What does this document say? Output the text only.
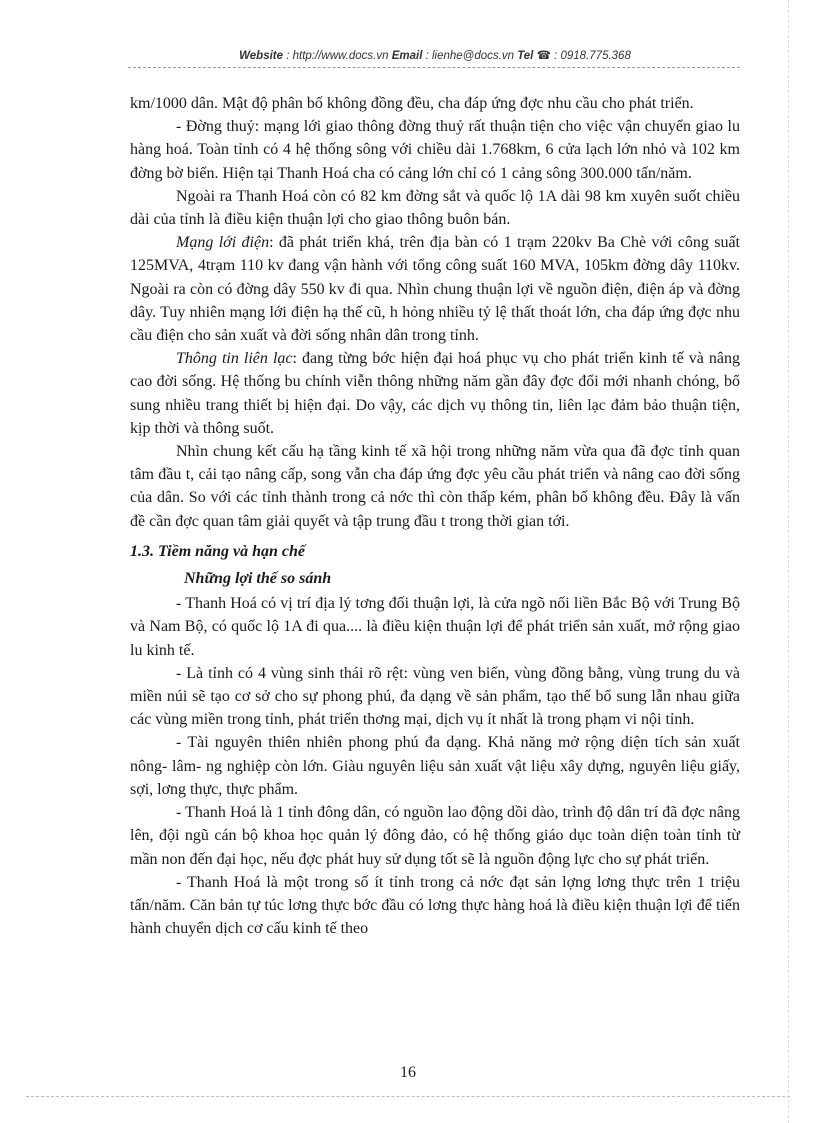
Website : http://www.docs.vn Email : lienhe@docs.vn Tel ☎ : 0918.775.368

km/1000 dân. Mật độ phân bố không đồng đều, cha đáp ứng đợc nhu cầu cho phát triển.

- Đờng thuỷ: mạng lới giao thông đờng thuỷ rất thuận tiện cho việc vận chuyển giao lu hàng hoá. Toàn tỉnh có 4 hệ thống sông với chiều dài 1.768km, 6 cửa lạch lớn nhỏ và 102 km đờng bờ biển. Hiện tại Thanh Hoá cha có cảng lớn chỉ có 1 cảng sông 300.000 tấn/năm.

Ngoài ra Thanh Hoá còn có 82 km đờng sắt và quốc lộ 1A dài 98 km xuyên suốt chiều dài của tỉnh là điều kiện thuận lợi cho giao thông buôn bán.

Mạng lới điện: đã phát triển khá, trên địa bàn có 1 trạm 220kv Ba Chè với công suất 125MVA, 4trạm 110 kv đang vận hành với tổng công suất 160 MVA, 105km đờng dây 110kv. Ngoài ra còn có đờng dây 550 kv đi qua. Nhìn chung thuận lợi về nguồn điện, điện áp và đờng dây. Tuy nhiên mạng lới điện hạ thế cũ, h hỏng nhiều tỷ lệ thất thoát lớn, cha đáp ứng đợc nhu cầu điện cho sản xuất và đời sống nhân dân trong tỉnh.

Thông tin liên lạc: đang từng bớc hiện đại hoá phục vụ cho phát triển kinh tế và nâng cao đời sống. Hệ thống bu chính viễn thông những năm gần đây đợc đổi mới nhanh chóng, bổ sung nhiều trang thiết bị hiện đại. Do vậy, các dịch vụ thông tin, liên lạc đảm bảo thuận tiện, kịp thời và thông suốt.

Nhìn chung kết cấu hạ tầng kinh tế xã hội trong những năm vừa qua đã đợc tỉnh quan tâm đầu t, cải tạo nâng cấp, song vẫn cha đáp ứng đợc yêu cầu phát triển và nâng cao đời sống của dân. So với các tỉnh thành trong cả nớc thì còn thấp kém, phân bố không đều. Đây là vấn đề cần đợc quan tâm giải quyết và tập trung đầu t trong thời gian tới.

1.3. Tiềm năng và hạn chế

Những lợi thế so sánh

- Thanh Hoá có vị trí địa lý tơng đối thuận lợi, là cửa ngõ nối liền Bắc Bộ với Trung Bộ và Nam Bộ, có quốc lộ 1A đi qua.... là điều kiện thuận lợi để phát triển sản xuất, mở rộng giao lu kinh tế.

- Là tỉnh có 4 vùng sinh thái rõ rệt: vùng ven biển, vùng đồng bằng, vùng trung du và miền núi sẽ tạo cơ sở cho sự phong phú, đa dạng về sản phẩm, tạo thế bổ sung lẫn nhau giữa các vùng miền trong tỉnh, phát triển thơng mại, dịch vụ ít nhất là trong phạm vi nội tỉnh.

- Tài nguyên thiên nhiên phong phú đa dạng. Khả năng mở rộng diện tích sản xuất nông- lâm- ng nghiệp còn lớn. Giàu nguyên liệu sản xuất vật liệu xây dựng, nguyên liệu giấy, sợi, lơng thực, thực phẩm.

- Thanh Hoá là 1 tỉnh đông dân, có nguồn lao động dồi dào, trình độ dân trí đã đợc nâng lên, đội ngũ cán bộ khoa học quản lý đông đảo, có hệ thống giáo dục toàn diện toàn tỉnh từ mần non đến đại học, nếu đợc phát huy sử dụng tốt sẽ là nguồn động lực cho sự phát triển.

- Thanh Hoá là một trong số ít tỉnh trong cả nớc đạt sản lợng lơng thực trên 1 triệu tấn/năm. Căn bản tự túc lơng thực bớc đầu có lơng thực hàng hoá là điều kiện thuận lợi để tiến hành chuyển dịch cơ cấu kinh tế theo

16
